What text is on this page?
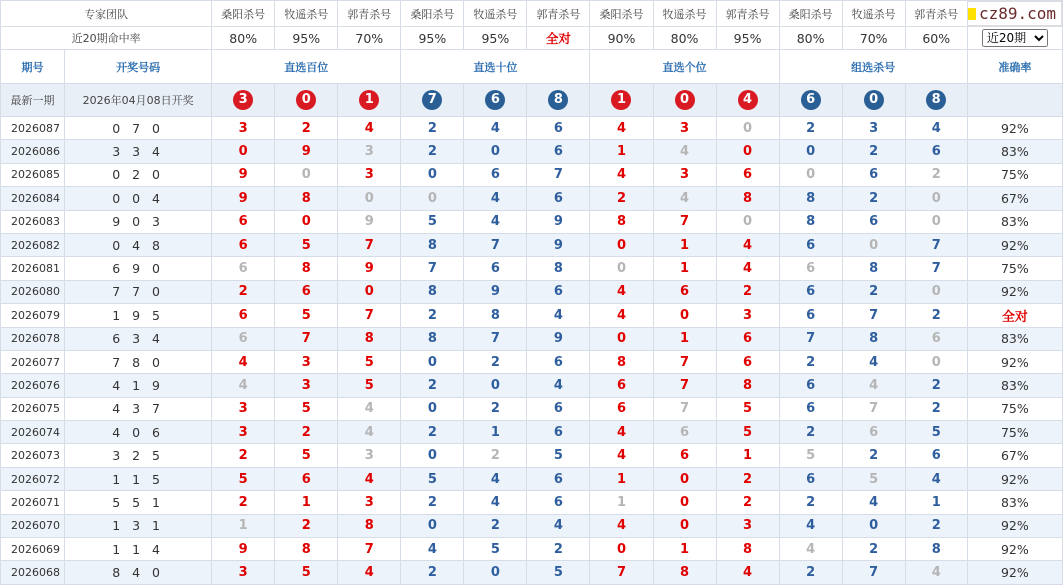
专家团队		桑阳杀号	牧遥杀号	郭青杀号	桑阳杀号	牧遥杀号	郭青杀号	桑阳杀号	牧遥杀号	郭青杀号	桑阳杀号	牧遥杀号	郭青杀号	cz89.com

近20期命中率		80%	95%	70%	95%	95%	全对	90%	80%	95%	80%	70%	60%	
近20期
期号	开奖号码	直选百位			直选十位			直选个位			组选杀号			准确率
最新一期	2026年04月08日开奖	3	0	1	7	6	8	1	0	4	6	0	8	
2026087	0 7 0	3	2	4	2	4	6	4	3	0	2	3	4	92%
2026086	3 3 4	0	9	3	2	0	6	1	4	0	0	2	6	83%
2026085	0 2 0	9	0	3	0	6	7	4	3	6	0	6	2	75%
2026084	0 0 4	9	8	0	0	4	6	2	4	8	8	2	0	67%
2026083	9 0 3	6	0	9	5	4	9	8	7	0	8	6	0	83%
2026082	0 4 8	6	5	7	8	7	9	0	1	4	6	0	7	92%
2026081	6 9 0	6	8	9	7	6	8	0	1	4	6	8	7	75%
2026080	7 7 0	2	6	0	8	9	6	4	6	2	6	2	0	92%
2026079	1 9 5	6	5	7	2	8	4	4	0	3	6	7	2	全对
2026078	6 3 4	6	7	8	8	7	9	0	1	6	7	8	6	83%
2026077	7 8 0	4	3	5	0	2	6	8	7	6	2	4	0	92%
2026076	4 1 9	4	3	5	2	0	4	6	7	8	6	4	2	83%
2026075	4 3 7	3	5	4	0	2	6	6	7	5	6	7	2	75%
2026074	4 0 6	3	2	4	2	1	6	4	6	5	2	6	5	75%
2026073	3 2 5	2	5	3	0	2	5	4	6	1	5	2	6	67%
2026072	1 1 5	5	6	4	5	4	6	1	0	2	6	5	4	92%
2026071	5 5 1	2	1	3	2	4	6	1	0	2	2	4	1	83%
2026070	1 3 1	1	2	8	0	2	4	4	0	3	4	0	2	92%
2026069	1 1 4	9	8	7	4	5	2	0	1	8	4	2	8	92%
2026068	8 4 0	3	5	4	2	0	5	7	8	4	2	7	4	92%
